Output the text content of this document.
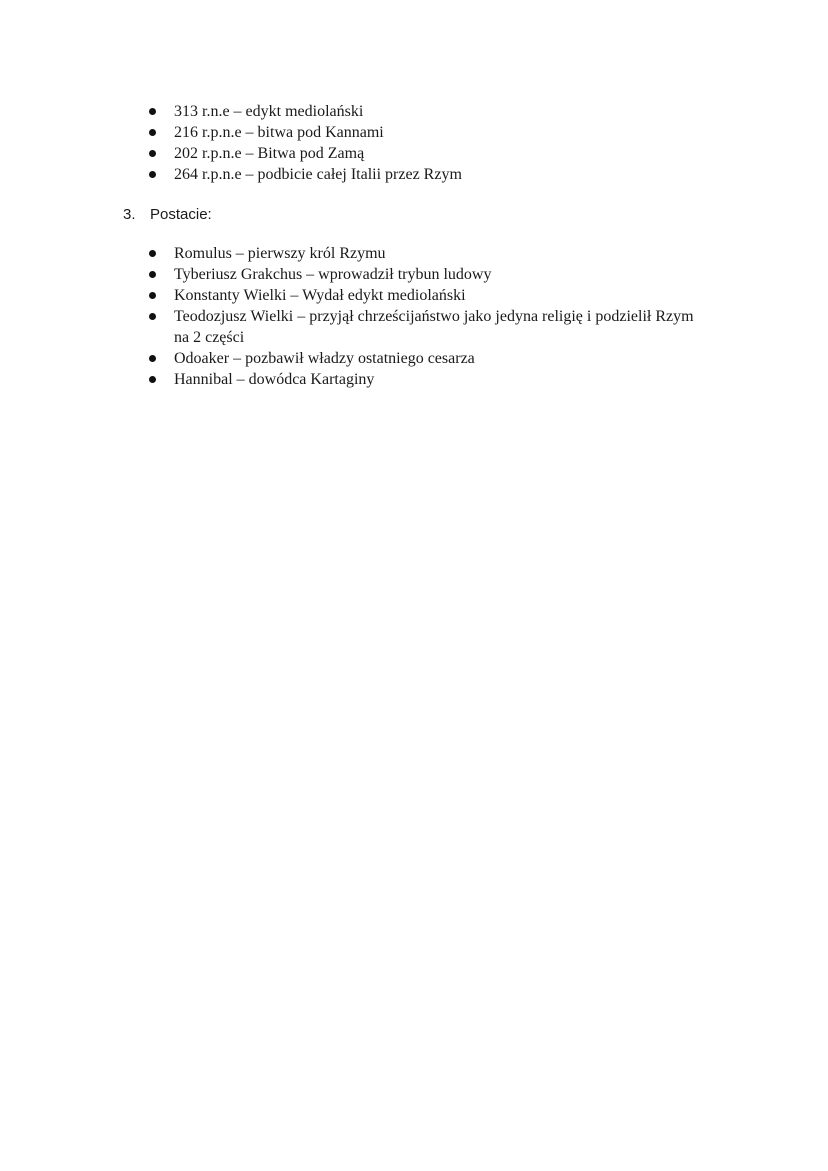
313 r.n.e – edykt mediolański
216 r.p.n.e – bitwa pod Kannami
202 r.p.n.e – Bitwa pod Zamą
264 r.p.n.e – podbicie całej Italii przez Rzym
3. Postacie:
Romulus – pierwszy król Rzymu
Tyberiusz Grakchus – wprowadził trybun ludowy
Konstanty Wielki – Wydał edykt mediolański
Teodozjusz Wielki – przyjął chrześcijaństwo jako jedyna religię i podzielił Rzym na 2 części
Odoaker – pozbawił władzy ostatniego cesarza
Hannibal – dowódca Kartaginy
